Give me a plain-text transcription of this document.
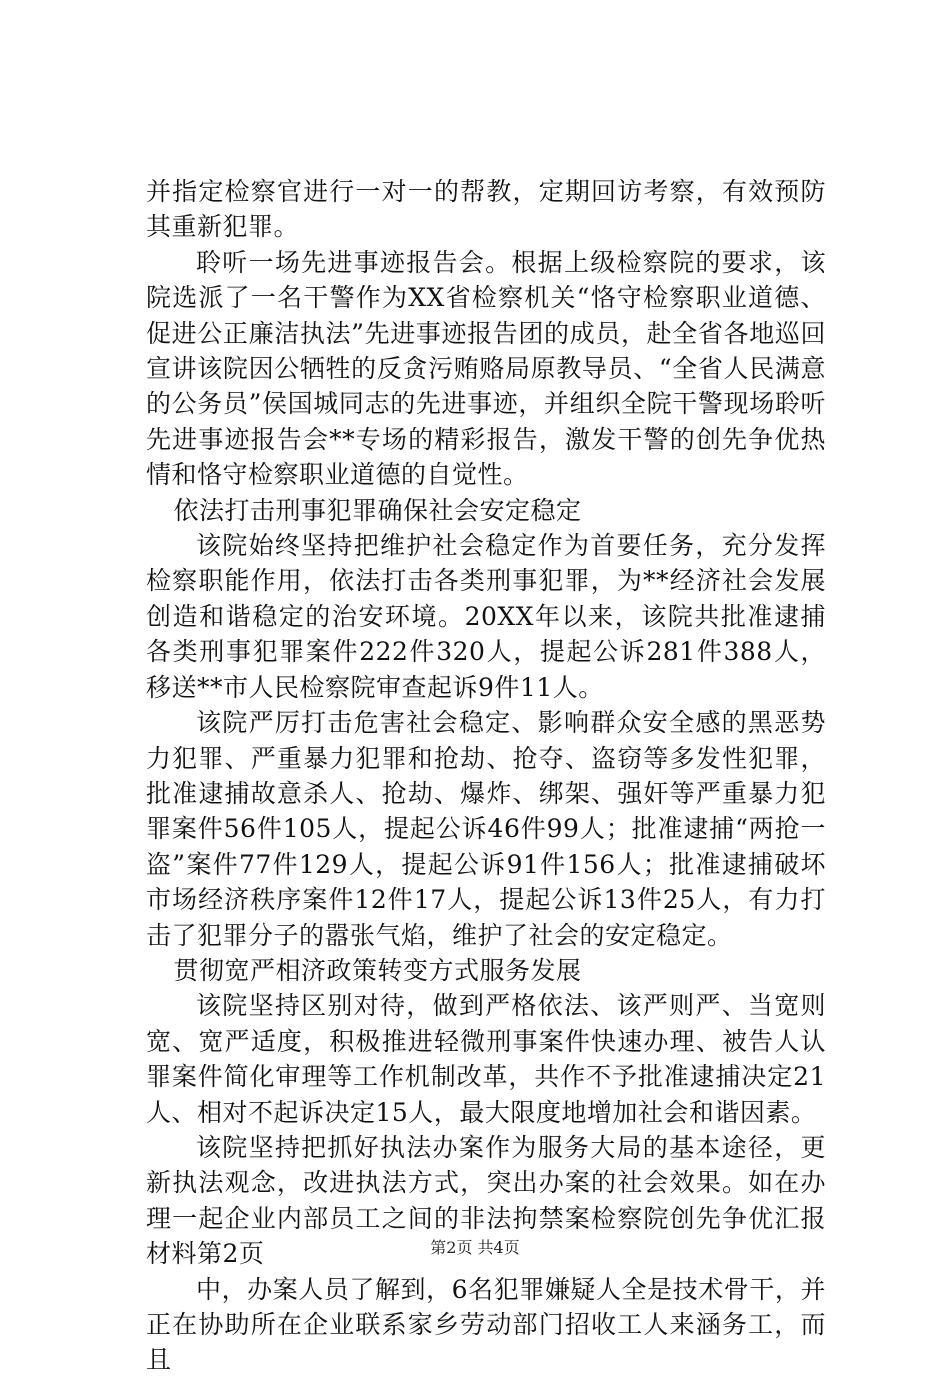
并指定检察官进行一对一的帮教，定期回访考察，有效预防其重新犯罪。

聆听一场先进事迹报告会。根据上级检察院的要求，该院选派了一名干警作为XX省检察机关“恪守检察职业道德、促进公正廉洁执法”先进事迹报告团的成员，赴全省各地巡回宣讲该院因公牺牲的反贪污贿赂局原教导员、“全省人民满意的公务员”侯国城同志的先进事迹，并组织全院干警现场聆听先进事迹报告会**专场的精彩报告，激发干警的创先争优热情和恪守检察职业道德的自觉性。

依法打击刑事犯罪确保社会安定稳定

该院始终坚持把维护社会稳定作为首要任务，充分发挥检察职能作用，依法打击各类刑事犯罪，为**经济社会发展创造和谐稳定的治安环境。20XX年以来，该院共批准逮捕各类刑事犯罪案件222件320人，提起公诉281件388人，移送**市人民检察院审查起诉9件11人。

该院严厉打击危害社会稳定、影响群众安全感的黑恶势力犯罪、严重暴力犯罪和抢劫、抢夺、盗窃等多发性犯罪，批准逮捕故意杀人、抢劫、爆炸、绑架、强奸等严重暴力犯罪案件56件105人，提起公诉46件99人；批准逮捕“两抢一盗”案件77件129人，提起公诉91件156人；批准逮捕破坏市场经济秩序案件12件17人，提起公诉13件25人，有力打击了犯罪分子的嚣张气焰，维护了社会的安定稳定。

贯彻宽严相济政策转变方式服务发展

该院坚持区别对待，做到严格依法、该严则严、当宽则宽、宽严适度，积极推进轻微刑事案件快速办理、被告人认罪案件简化审理等工作机制改革，共作不予批准逮捕决定21人、相对不起诉决定15人，最大限度地增加社会和谐因素。

该院坚持把抓好执法办案作为服务大局的基本途径，更新执法观念，改进执法方式，突出办案的社会效果。如在办理一起企业内部员工之间的非法拘禁案检察院创先争优汇报材料第2页

中，办案人员了解到，6名犯罪嫌疑人全是技术骨干，并正在协助所在企业联系家乡劳动部门招收工人来涵务工，而且

第2页 共4页
